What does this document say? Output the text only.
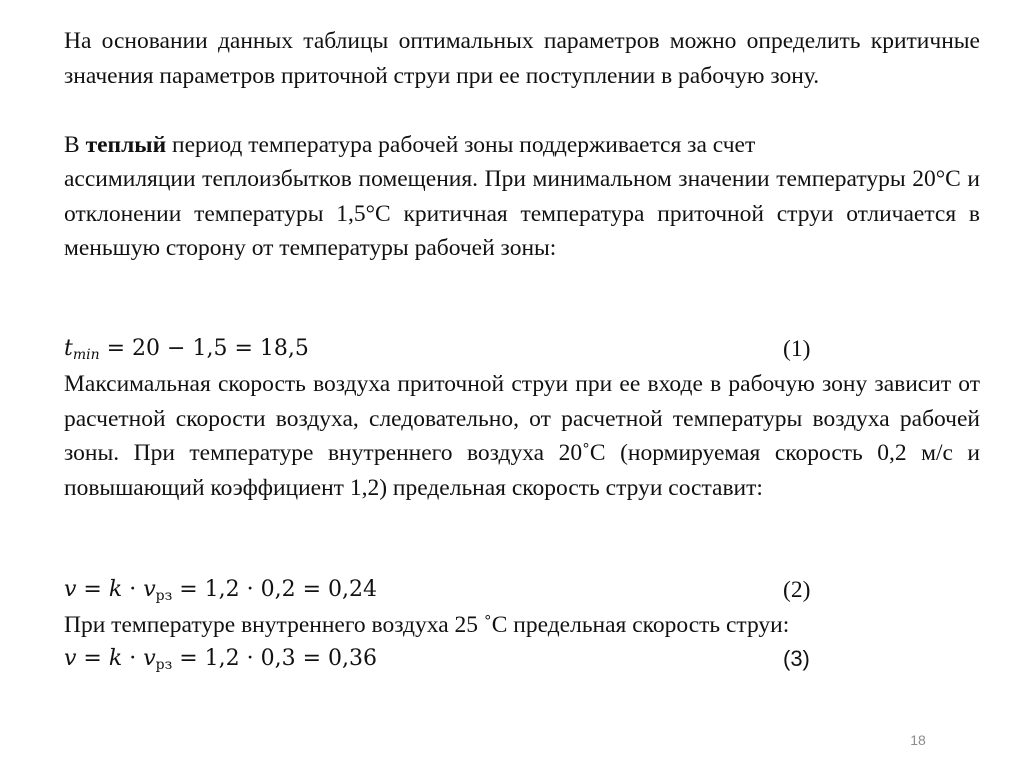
На основании данных таблицы оптимальных параметров можно определить критичные значения параметров приточной струи при ее поступлении в рабочую зону.

В теплый период температура рабочей зоны поддерживается за счет

ассимиляции теплоизбытков помещения. При минимальном значении температуры 20°С и отклонении температуры 1,5°С критичная температура приточной струи отличается в меньшую сторону от температуры рабочей зоны:

$t_{min} = 20 - 1,5 = 18,5$	(1)

Максимальная скорость воздуха приточной струи при ее входе в рабочую зону зависит от расчетной скорости воздуха, следовательно, от расчетной температуры воздуха рабочей зоны. При температуре внутреннего воздуха 20˚С (нормируемая скорость 0,2 м/с и повышающий коэффициент 1,2) предельная скорость струи составит:

$v = k \cdot v_{рз} = 1,2 \cdot 0,2 = 0,24$	(2)
При температуре внутреннего воздуха 25 ˚С предельная скорость струи:
$v = k \cdot v_{рз} = 1,2 \cdot 0,3 = 0,36$	(3)
18
